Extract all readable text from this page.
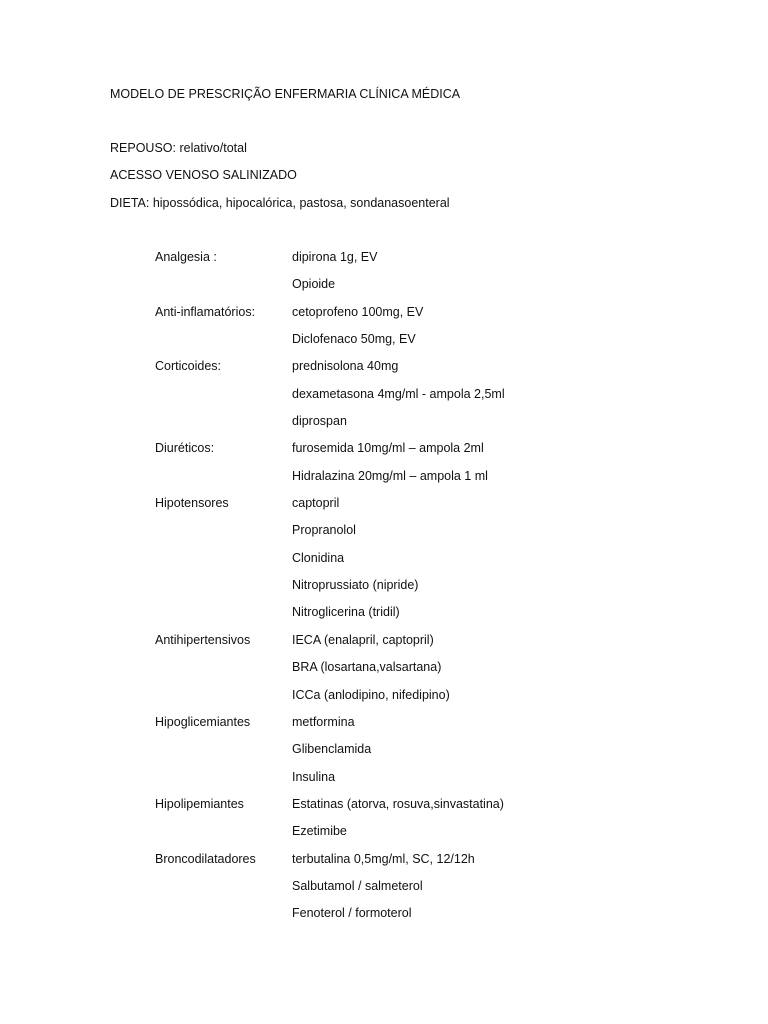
MODELO DE PRESCRIÇÃO ENFERMARIA CLÍNICA MÉDICA
REPOUSO: relativo/total
ACESSO VENOSO SALINIZADO
DIETA: hipossódica, hipocalórica, pastosa, sondanasoenteral
Analgesia :	dipirona 1g, EV
Opioide
Anti-inflamatórios:	cetoprofeno 100mg, EV
Diclofenaco 50mg, EV
Corticoides:	prednisolona 40mg
dexametasona 4mg/ml - ampola 2,5ml
diprospan
Diuréticos:	furosemida 10mg/ml – ampola 2ml
Hidralazina 20mg/ml – ampola 1 ml
Hipotensores	captopril
Propranolol
Clonidina
Nitroprussiato (nipride)
Nitroglicerina (tridil)
Antihipertensivos	IECA (enalapril, captopril)
BRA (losartana,valsartana)
ICCa (anlodipino, nifedipino)
Hipoglicemiantes	metformina
Glibenclamida
Insulina
Hipolipemiantes	Estatinas (atorva, rosuva,sinvastatina)
Ezetimibe
Broncodilatadores	terbutalina 0,5mg/ml, SC, 12/12h
Salbutamol / salmeterol
Fenoterol / formoterol
